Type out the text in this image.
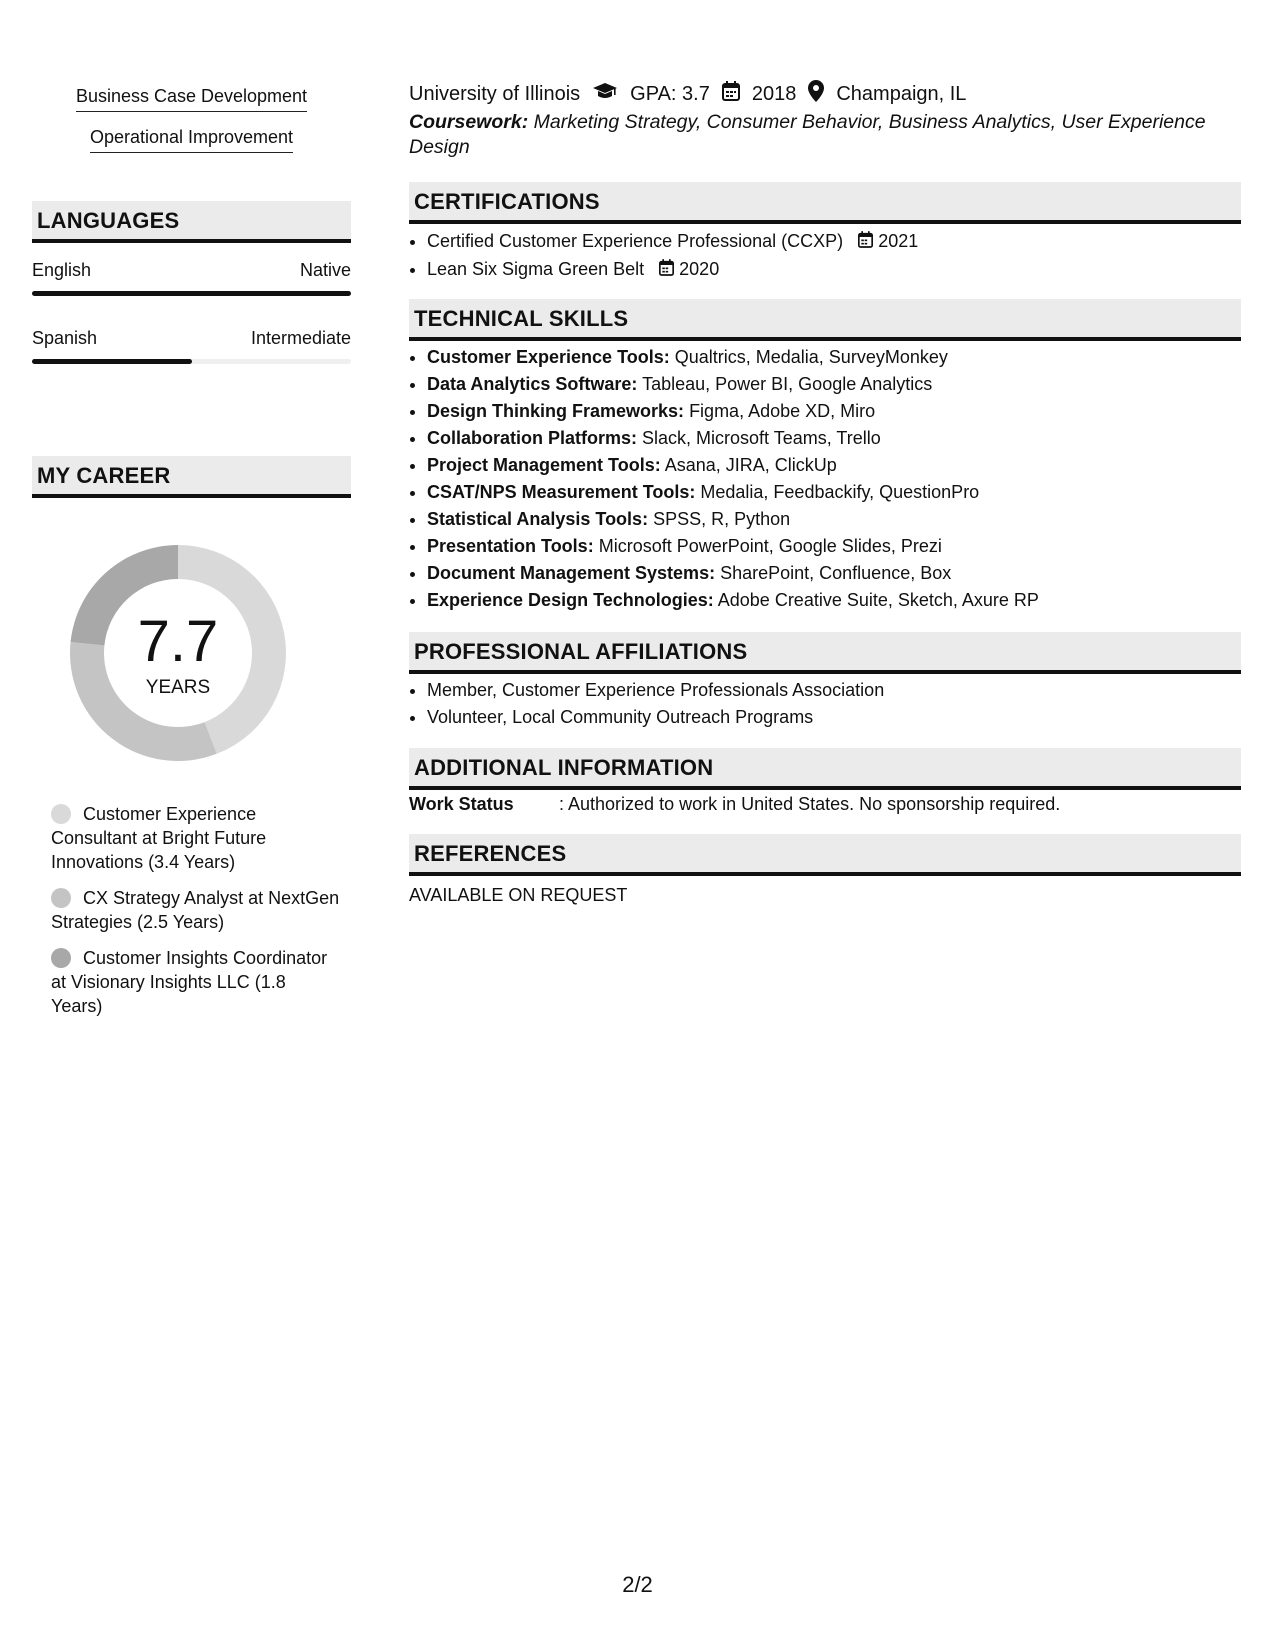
Business Case Development
Operational Improvement
LANGUAGES
English	Native
Spanish	Intermediate
MY CAREER
7.7
YEARS
Customer Experience Consultant at Bright Future Innovations (3.4 Years)
CX Strategy Analyst at NextGen Strategies (2.5 Years)
Customer Insights Coordinator at Visionary Insights LLC (1.8 Years)
University of Illinois	GPA: 3.7 2018 Champaign, IL
Coursework: Marketing Strategy, Consumer Behavior, Business Analytics, User Experience Design
CERTIFICATIONS
• Certified Customer Experience Professional (CCXP) 2021
• Lean Six Sigma Green Belt 2020
TECHNICAL SKILLS
• Customer Experience Tools: Qualtrics, Medalia, SurveyMonkey
• Data Analytics Software: Tableau, Power BI, Google Analytics
• Design Thinking Frameworks: Figma, Adobe XD, Miro
• Collaboration Platforms: Slack, Microsoft Teams, Trello
• Project Management Tools: Asana, JIRA, ClickUp
• CSAT/NPS Measurement Tools: Medalia, Feedbackify, QuestionPro
• Statistical Analysis Tools: SPSS, R, Python
• Presentation Tools: Microsoft PowerPoint, Google Slides, Prezi
• Document Management Systems: SharePoint, Confluence, Box
• Experience Design Technologies: Adobe Creative Suite, Sketch, Axure RP
PROFESSIONAL AFFILIATIONS
• Member, Customer Experience Professionals Association
• Volunteer, Local Community Outreach Programs
ADDITIONAL INFORMATION
Work Status	: Authorized to work in United States. No sponsorship required.
REFERENCES
AVAILABLE ON REQUEST
2/2
